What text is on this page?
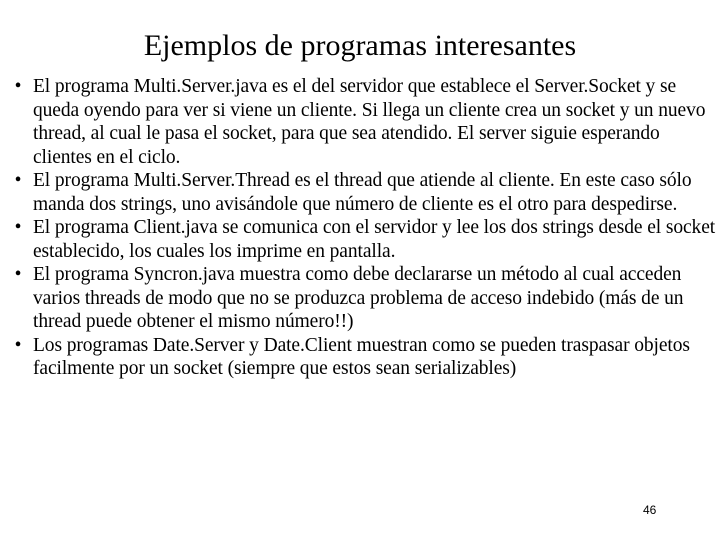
Ejemplos de programas interesantes
• El programa Multi.Server.java es el del servidor que establece el Server.Socket y se queda oyendo para ver si viene un cliente. Si llega un cliente crea un socket y un nuevo thread, al cual le pasa el socket, para que sea atendido. El server siguie esperando clientes en el ciclo.
• El programa Multi.Server.Thread es el thread que atiende al cliente. En este caso sólo manda dos strings, uno avisándole que número de cliente es el otro para despedirse.
• El programa Client.java se comunica con el servidor y lee los dos strings desde el socket establecido, los cuales los imprime en pantalla.
• El programa Syncron.java muestra como debe declararse un método al cual acceden varios threads de modo que no se produzca problema de acceso indebido (más de un thread puede obtener el mismo número!!)
• Los programas Date.Server y Date.Client muestran como se pueden traspasar objetos facilmente por un socket (siempre que estos sean serializables)
46
